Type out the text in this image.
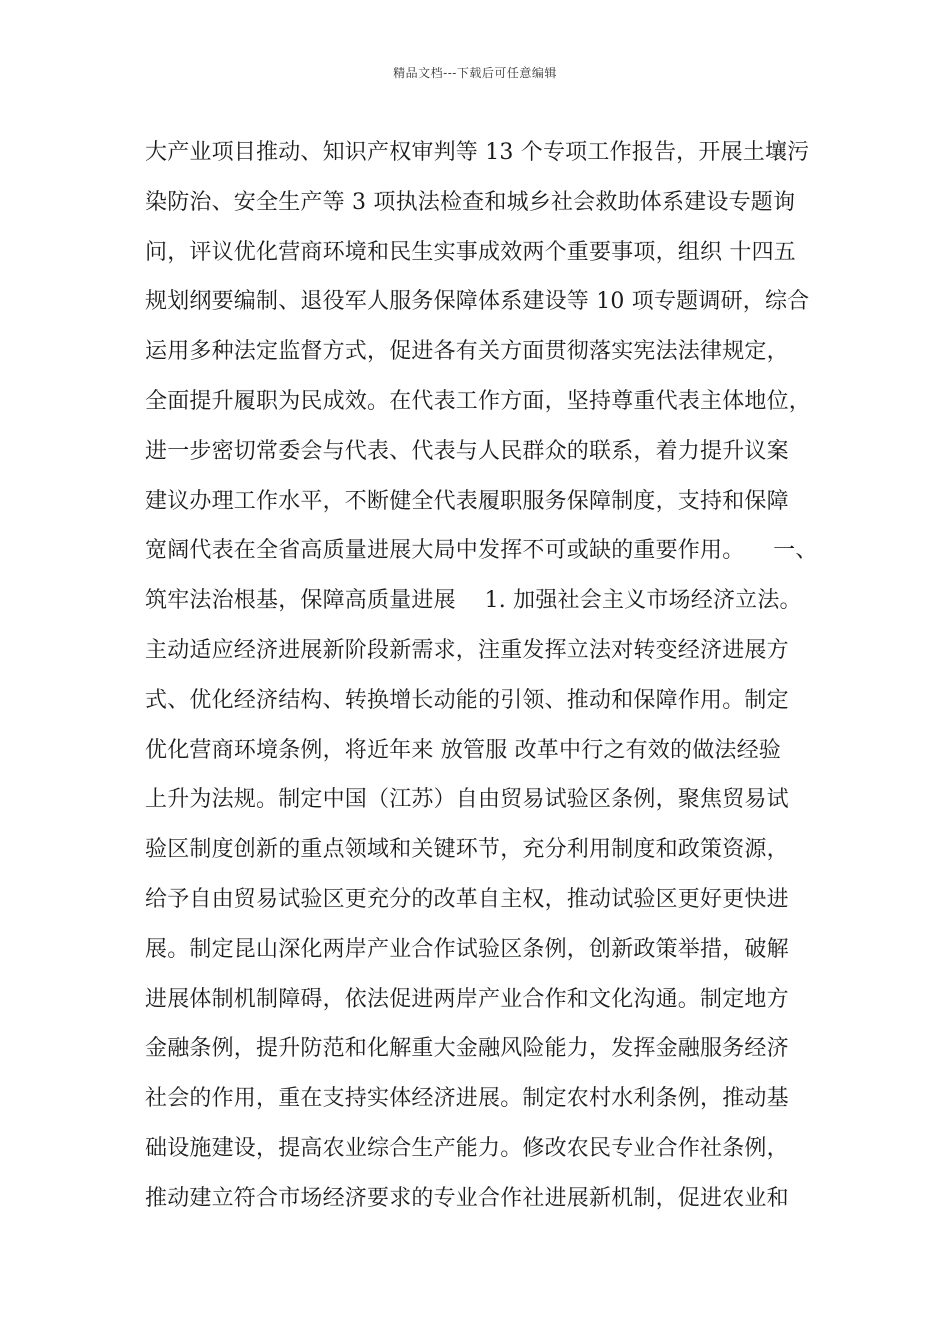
精品文档---下载后可任意编辑
大产业项目推动、知识产权审判等 13 个专项工作报告，开展土壤污
染防治、安全生产等 3 项执法检查和城乡社会救助体系建设专题询
问，评议优化营商环境和民生实事成效两个重要事项，组织 十四五
规划纲要编制、退役军人服务保障体系建设等 10 项专题调研，综合
运用多种法定监督方式，促进各有关方面贯彻落实宪法法律规定，
全面提升履职为民成效。在代表工作方面，坚持尊重代表主体地位，
进一步密切常委会与代表、代表与人民群众的联系，着力提升议案
建议办理工作水平，不断健全代表履职服务保障制度，支持和保障
宽阔代表在全省高质量进展大局中发挥不可或缺的重要作用。    一、
筑牢法治根基，保障高质量进展    1. 加强社会主义市场经济立法。
主动适应经济进展新阶段新需求，注重发挥立法对转变经济进展方
式、优化经济结构、转换增长动能的引领、推动和保障作用。制定
优化营商环境条例，将近年来 放管服 改革中行之有效的做法经验
上升为法规。制定中国（江苏）自由贸易试验区条例，聚焦贸易试
验区制度创新的重点领域和关键环节，充分利用制度和政策资源，
给予自由贸易试验区更充分的改革自主权，推动试验区更好更快进
展。制定昆山深化两岸产业合作试验区条例，创新政策举措，破解
进展体制机制障碍，依法促进两岸产业合作和文化沟通。制定地方
金融条例，提升防范和化解重大金融风险能力，发挥金融服务经济
社会的作用，重在支持实体经济进展。制定农村水利条例，推动基
础设施建设，提高农业综合生产能力。修改农民专业合作社条例，
推动建立符合市场经济要求的专业合作社进展新机制，促进农业和
